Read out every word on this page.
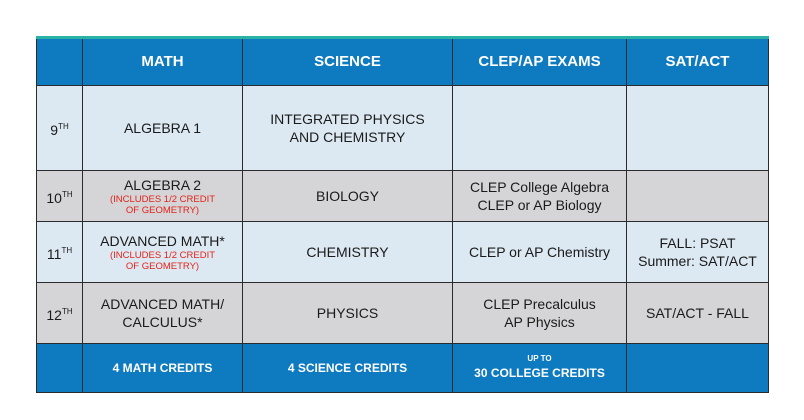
	MATH	SCIENCE	CLEP/AP EXAMS	SAT/ACT
9TH	ALGEBRA 1	INTEGRATED PHYSICS
AND CHEMISTRY		

10TH	ALGEBRA 2
(INCLUDES 1/2 CREDIT
OF GEOMETRY)	BIOLOGY	CLEP College Algebra
CLEP or AP Biology	

11TH	ADVANCED MATH*
(INCLUDES 1/2 CREDIT
OF GEOMETRY)	CHEMISTRY	CLEP or AP Chemistry	FALL: PSAT
Summer: SAT/ACT

12TH	ADVANCED MATH/
CALCULUS*	PHYSICS	CLEP Precalculus
AP Physics	SAT/ACT - FALL

	4 MATH CREDITS	4 SCIENCE CREDITS	UP TO
30 COLLEGE CREDITS	
